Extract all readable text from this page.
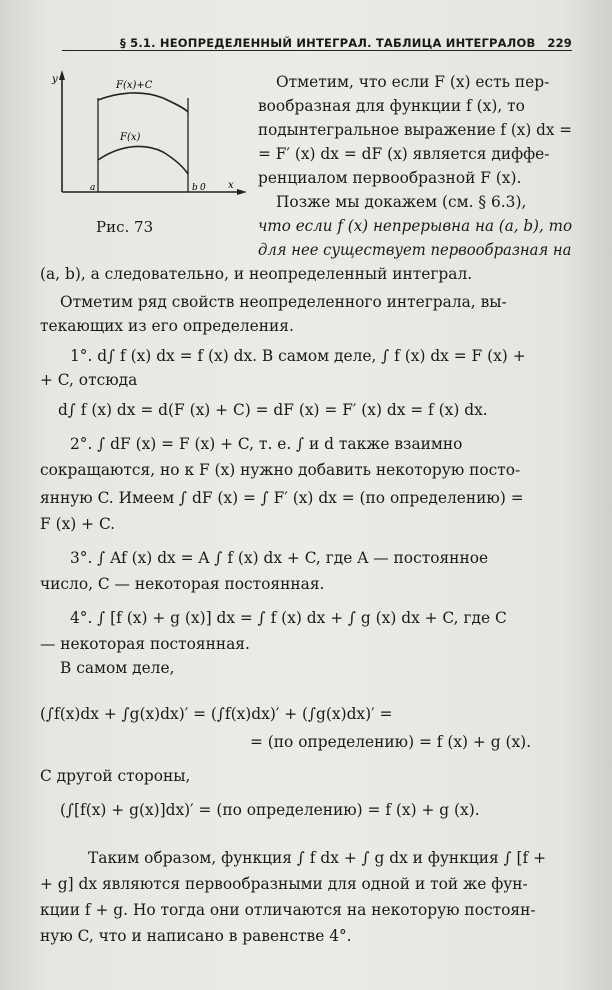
§ 5.1. НЕОПРЕДЕЛЕННЫЙ ИНТЕГРАЛ. ТАБЛИЦА ИНТЕГРАЛОВ 229
y
x
a	b 0
F(x)+C
F(x)
Рис. 73
Отметим, что если F (x) есть пер-
вообразная для функции f (x), то
подынтегральное выражение f (x) dx =
= F′ (x) dx = dF (x) является диффе-
ренциалом первообразной F (x).
Позже мы докажем (см. § 6.3),
что если f (x) непрерывна на (a, b), то
для нее существует первообразная на
(a, b), а следовательно, и неопределенный интеграл.
Отметим ряд свойств неопределенного интеграла, вы-
текающих из его определения.
1°. d∫ f (x) dx = f (x) dx. В самом деле, ∫ f (x) dx = F (x) +
+ C, отсюда
d∫ f (x) dx = d(F (x) + C) = dF (x) = F′ (x) dx = f (x) dx.
2°. ∫ dF (x) = F (x) + C, т. е. ∫ и d также взаимно
сокращаются, но к F (x) нужно добавить некоторую посто-
янную C. Имеем ∫ dF (x) = ∫ F′ (x) dx = (по определению) =
F (x) + C.
3°. ∫ Af (x) dx = A ∫ f (x) dx + C, где A — постоянное
число, C — некоторая постоянная.
4°. ∫ [f (x) + g (x)] dx = ∫ f (x) dx + ∫ g (x) dx + C, где C
— некоторая постоянная.
В самом деле,
(∫f(x)dx + ∫g(x)dx)′ = (∫f(x)dx)′ + (∫g(x)dx)′ =
= (по определению) = f (x) + g (x).
С другой стороны,
(∫[f(x) + g(x)]dx)′ = (по определению) = f (x) + g (x).
Таким образом, функция ∫ f dx + ∫ g dx и функция ∫ [f +
+ g] dx являются первообразными для одной и той же фун-
кции f + g. Но тогда они отличаются на некоторую постоян-
ную C, что и написано в равенстве 4°.
